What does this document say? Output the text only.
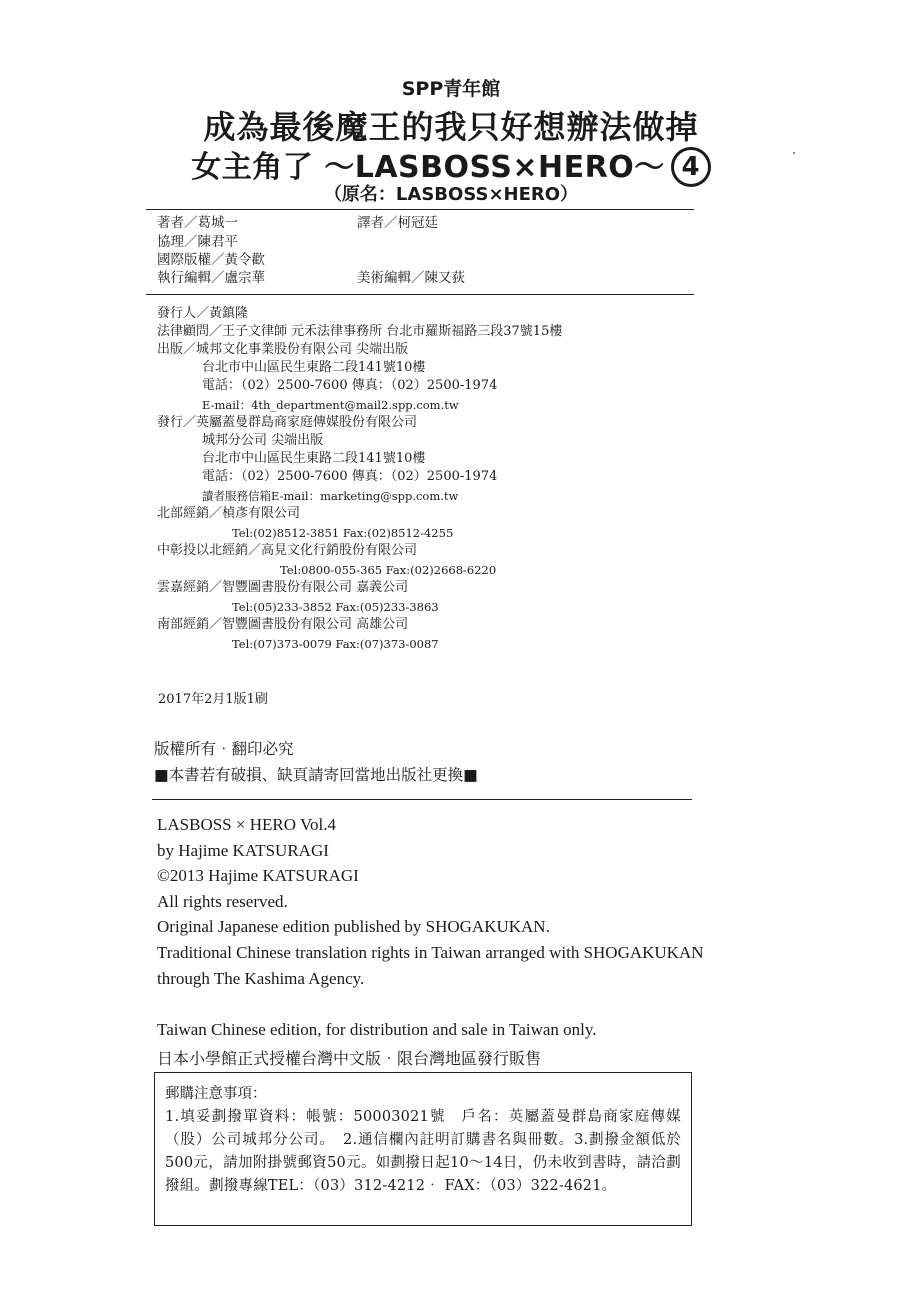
SPP青年館
成為最後魔王的我只好想辦法做掉
女主角了 ～LASBOSS×HERO～ 4
（原名：LASBOSS×HERO）
著者／葛城一	譯者／柯冠廷
協理／陳君平
國際版權／黃令歡
執行編輯／盧宗華	美術編輯／陳又荻
發行人／黃鎮隆
法律顧問／王子文律師 元禾法律事務所 台北市羅斯福路三段37號15樓
出版／城邦文化事業股份有限公司 尖端出版
台北市中山區民生東路二段141號10樓
電話：（02）2500-7600 傳真：（02）2500-1974
E-mail：4th_department@mail2.spp.com.tw
發行／英屬蓋曼群島商家庭傳媒股份有限公司
城邦分公司 尖端出版
台北市中山區民生東路二段141號10樓
電話：（02）2500-7600 傳真：（02）2500-1974
讀者服務信箱E-mail：marketing@spp.com.tw
北部經銷／楨彥有限公司
Tel:(02)8512-3851 Fax:(02)8512-4255
中彰投以北經銷／高見文化行銷股份有限公司
Tel:0800-055-365 Fax:(02)2668-6220
雲嘉經銷／智豐圖書股份有限公司 嘉義公司
Tel:(05)233-3852 Fax:(05)233-3863
南部經銷／智豐圖書股份有限公司 高雄公司
Tel:(07)373-0079 Fax:(07)373-0087
2017年2月1版1刷
版權所有‧翻印必究
■本書若有破損、缺頁請寄回當地出版社更換■
LASBOSS × HERO Vol.4
by Hajime KATSURAGI
©2013 Hajime KATSURAGI
All rights reserved.
Original Japanese edition published by SHOGAKUKAN.
Traditional Chinese translation rights in Taiwan arranged with SHOGAKUKAN
through The Kashima Agency.
Taiwan Chinese edition, for distribution and sale in Taiwan only.
日本小學館正式授權台灣中文版‧限台灣地區發行販售
郵購注意事項：
1.填妥劃撥單資料：帳號：50003021號　戶名：英屬蓋曼群島商家庭傳媒（股）公司城邦分公司。　2.通信欄內註明訂購書名與冊數。3.劃撥金額低於500元，請加附掛號郵資50元。如劃撥日起10～14日，仍未收到書時，請洽劃撥組。劃撥專線TEL：（03）312-4212‧ FAX：（03）322-4621。
